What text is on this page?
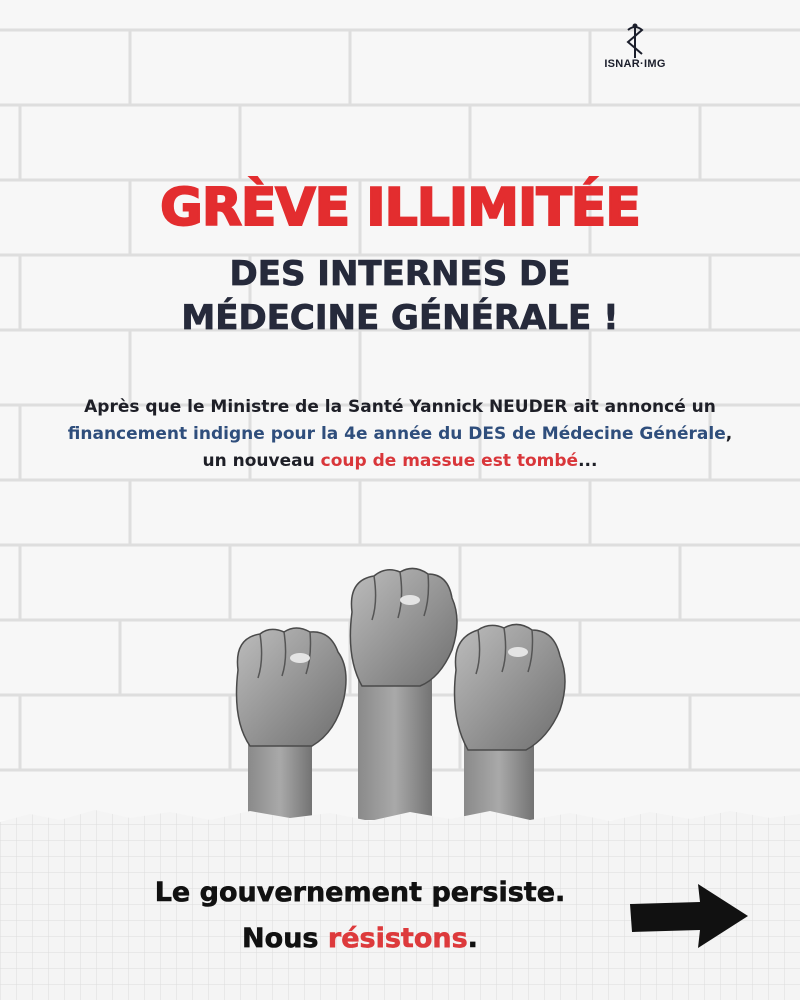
ISNAR·IMG
GRÈVE ILLIMITÉE
DES INTERNES DE
MÉDECINE GÉNÉRALE !
Après que le Ministre de la Santé Yannick NEUDER ait annoncé un financement indigne pour la 4e année du DES de Médecine Générale,
un nouveau coup de massue est tombé...
Le gouvernement persiste.
Nous résistons.
